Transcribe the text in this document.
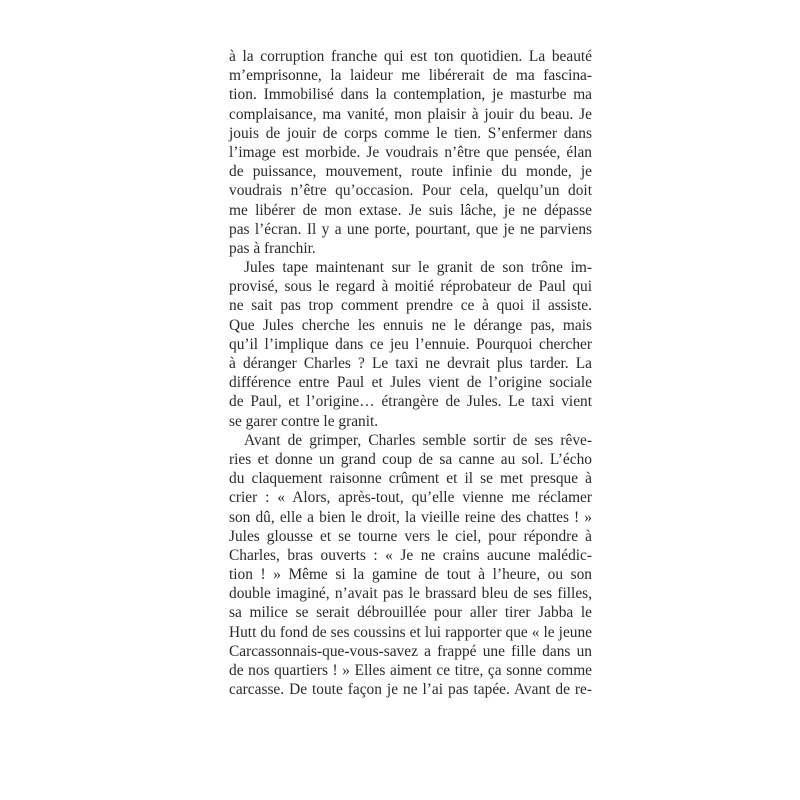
à la corruption franche qui est ton quotidien. La beauté
m’emprisonne, la laideur me libérerait de ma fascina-
tion. Immobilisé dans la contemplation, je masturbe ma
complaisance, ma vanité, mon plaisir à jouir du beau. Je
jouis de jouir de corps comme le tien. S’enfermer dans
l’image est morbide. Je voudrais n’être que pensée, élan
de puissance, mouvement, route infinie du monde, je
voudrais n’être qu’occasion. Pour cela, quelqu’un doit
me libérer de mon extase. Je suis lâche, je ne dépasse
pas l’écran. Il y a une porte, pourtant, que je ne parviens
pas à franchir.
Jules tape maintenant sur le granit de son trône im-
provisé, sous le regard à moitié réprobateur de Paul qui
ne sait pas trop comment prendre ce à quoi il assiste.
Que Jules cherche les ennuis ne le dérange pas, mais
qu’il l’implique dans ce jeu l’ennuie. Pourquoi chercher
à déranger Charles ? Le taxi ne devrait plus tarder. La
différence entre Paul et Jules vient de l’origine sociale
de Paul, et l’origine… étrangère de Jules. Le taxi vient
se garer contre le granit.
Avant de grimper, Charles semble sortir de ses rêve-
ries et donne un grand coup de sa canne au sol. L’écho
du claquement raisonne crûment et il se met presque à
crier : « Alors, après-tout, qu’elle vienne me réclamer
son dû, elle a bien le droit, la vieille reine des chattes ! »
Jules glousse et se tourne vers le ciel, pour répondre à
Charles, bras ouverts : « Je ne crains aucune malédic-
tion ! » Même si la gamine de tout à l’heure, ou son
double imaginé, n’avait pas le brassard bleu de ses filles,
sa milice se serait débrouillée pour aller tirer Jabba le
Hutt du fond de ses coussins et lui rapporter que « le jeune
Carcassonnais-que-vous-savez a frappé une fille dans un
de nos quartiers ! » Elles aiment ce titre, ça sonne comme
carcasse. De toute façon je ne l’ai pas tapée. Avant de re-
